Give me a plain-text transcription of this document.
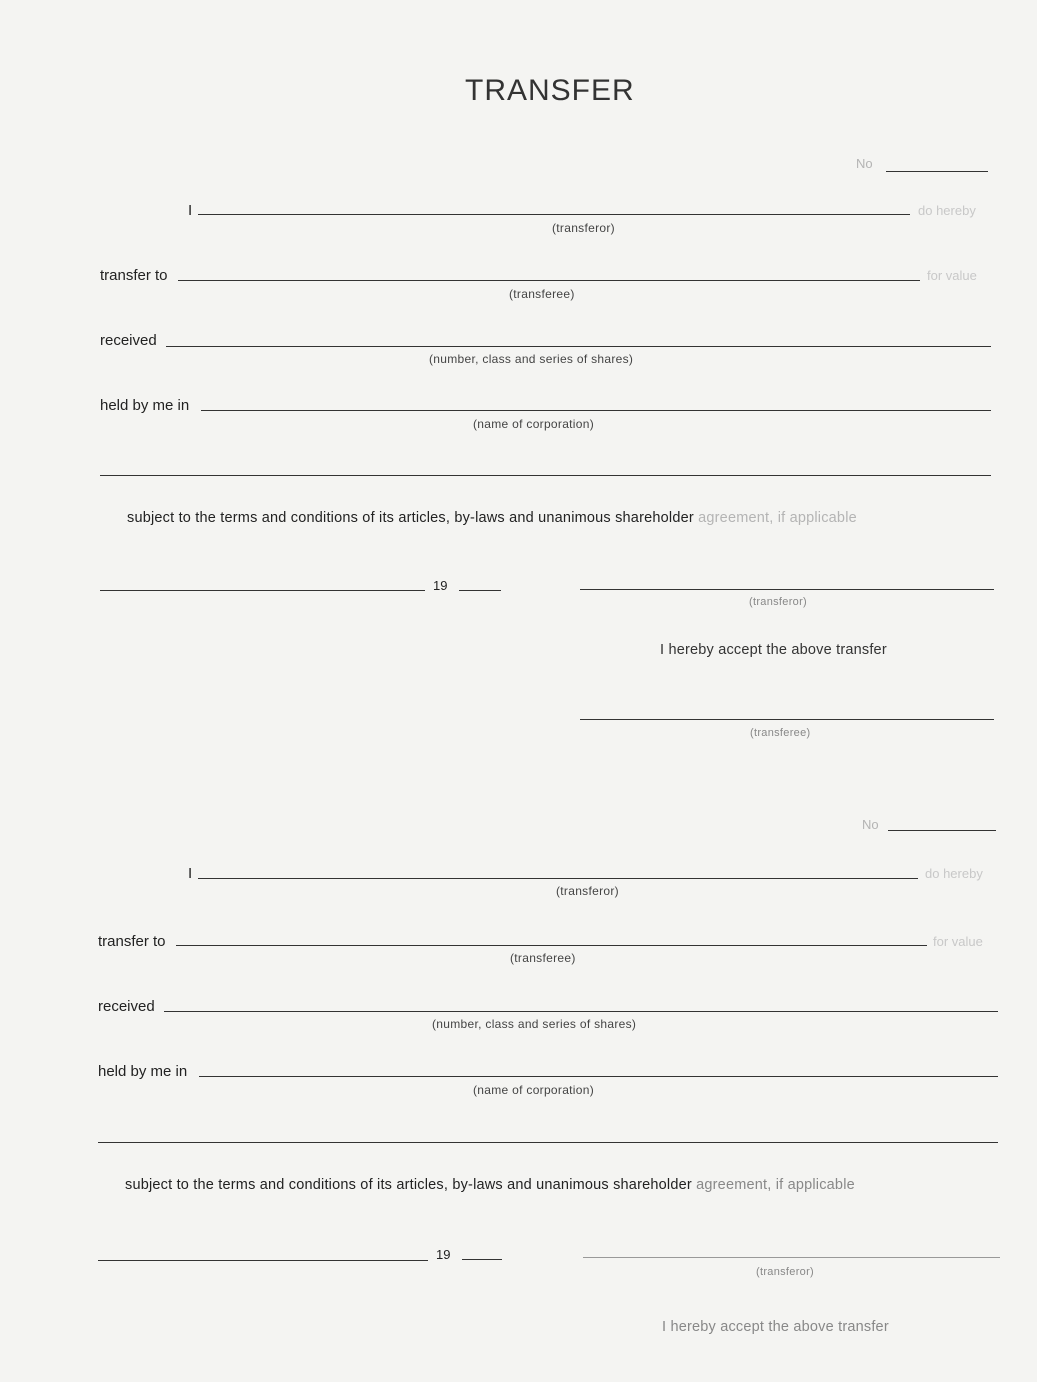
TRANSFER
No
I	do hereby
(transferor)
transfer to	for value
(transferee)
received
(number, class and series of shares)
held by me in
(name of corporation)
subject to the terms and conditions of its articles, by-laws and unanimous shareholder agreement, if applicable
19
(transferor)
I hereby accept the above transfer
(transferee)
No
I	do hereby
(transferor)
transfer to	for value
(transferee)
received
(number, class and series of shares)
held by me in
(name of corporation)
subject to the terms and conditions of its articles, by-laws and unanimous shareholder agreement, if applicable
19
(transferor)
I hereby accept the above transfer
